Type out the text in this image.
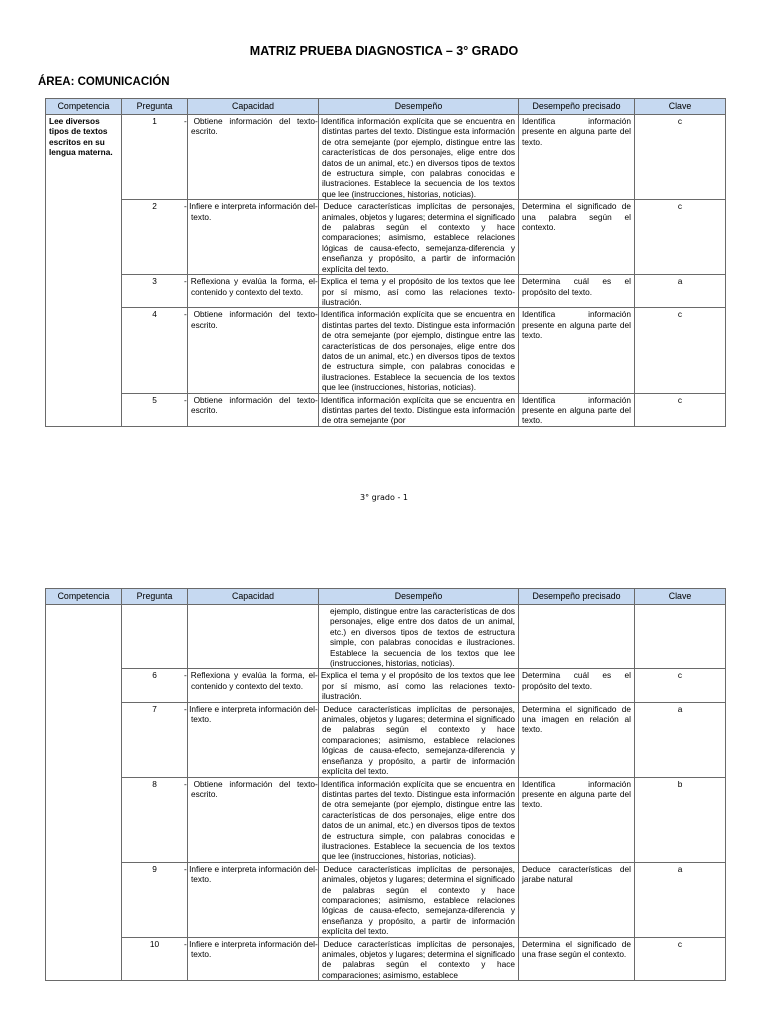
MATRIZ PRUEBA DIAGNOSTICA – 3° GRADO
ÁREA: COMUNICACIÓN
Competencia	Pregunta	Capacidad	Desempeño	Desempeño precisado	Clave
Lee diversos tipos de textos escritos en su lengua materna.	1	- Obtiene información del texto escrito.	- Identifica información explícita que se encuentra en distintas partes del texto. Distingue esta información de otra semejante (por ejemplo, distingue entre las características de dos personajes, elige entre dos datos de un animal, etc.) en diversos tipos de textos de estructura simple, con palabras conocidas e ilustraciones. Establece la secuencia de los textos que lee (instrucciones, historias, noticias).	Identifica información presente en alguna parte del texto.	c
	2	- Infiere e interpreta información del texto.	- Deduce características implícitas de personajes, animales, objetos y lugares; determina el significado de palabras según el contexto y hace comparaciones; asimismo, establece relaciones lógicas de causa-efecto, semejanza-diferencia y enseñanza y propósito, a partir de información explícita del texto.	Determina el significado de una palabra según el contexto.	c
	3	- Reflexiona y evalúa la forma, el contenido y contexto del texto.	- Explica el tema y el propósito de los textos que lee por sí mismo, así como las relaciones texto-ilustración.	Determina cuál es el propósito del texto.	a
	4	- Obtiene información del texto escrito.	- Identifica información explícita que se encuentra en distintas partes del texto. Distingue esta información de otra semejante (por ejemplo, distingue entre las características de dos personajes, elige entre dos datos de un animal, etc.) en diversos tipos de textos de estructura simple, con palabras conocidas e ilustraciones. Establece la secuencia de los textos que lee (instrucciones, historias, noticias).	Identifica información presente en alguna parte del texto.	c
	5	- Obtiene información del texto escrito.	- Identifica información explícita que se encuentra en distintas partes del texto. Distingue esta información de otra semejante (por	Identifica información presente en alguna parte del texto.	c
3° grado - 1
Competencia	Pregunta	Capacidad	Desempeño	Desempeño precisado	Clave
			ejemplo, distingue entre las características de dos personajes, elige entre dos datos de un animal, etc.) en diversos tipos de textos de estructura simple, con palabras conocidas e ilustraciones. Establece la secuencia de los textos que lee (instrucciones, historias, noticias).		
	6	- Reflexiona y evalúa la forma, el contenido y contexto del texto.	- Explica el tema y el propósito de los textos que lee por sí mismo, así como las relaciones texto-ilustración.	Determina cuál es el propósito del texto.	c
	7	- Infiere e interpreta información del texto.	- Deduce características implícitas de personajes, animales, objetos y lugares; determina el significado de palabras según el contexto y hace comparaciones; asimismo, establece relaciones lógicas de causa-efecto, semejanza-diferencia y enseñanza y propósito, a partir de información explícita del texto.	Determina el significado de una imagen en relación al texto.	a
	8	- Obtiene información del texto escrito.	- Identifica información explícita que se encuentra en distintas partes del texto. Distingue esta información de otra semejante (por ejemplo, distingue entre las características de dos personajes, elige entre dos datos de un animal, etc.) en diversos tipos de textos de estructura simple, con palabras conocidas e ilustraciones. Establece la secuencia de los textos que lee (instrucciones, historias, noticias).	Identifica información presente en alguna parte del texto.	b
	9	- Infiere e interpreta información del texto.	- Deduce características implícitas de personajes, animales, objetos y lugares; determina el significado de palabras según el contexto y hace comparaciones; asimismo, establece relaciones lógicas de causa-efecto, semejanza-diferencia y enseñanza y propósito, a partir de información explícita del texto.	Deduce características del jarabe natural	a
	10	- Infiere e interpreta información del texto.	- Deduce características implícitas de personajes, animales, objetos y lugares; determina el significado de palabras según el contexto y hace comparaciones; asimismo, establece	Determina el significado de una frase según el contexto.	c
